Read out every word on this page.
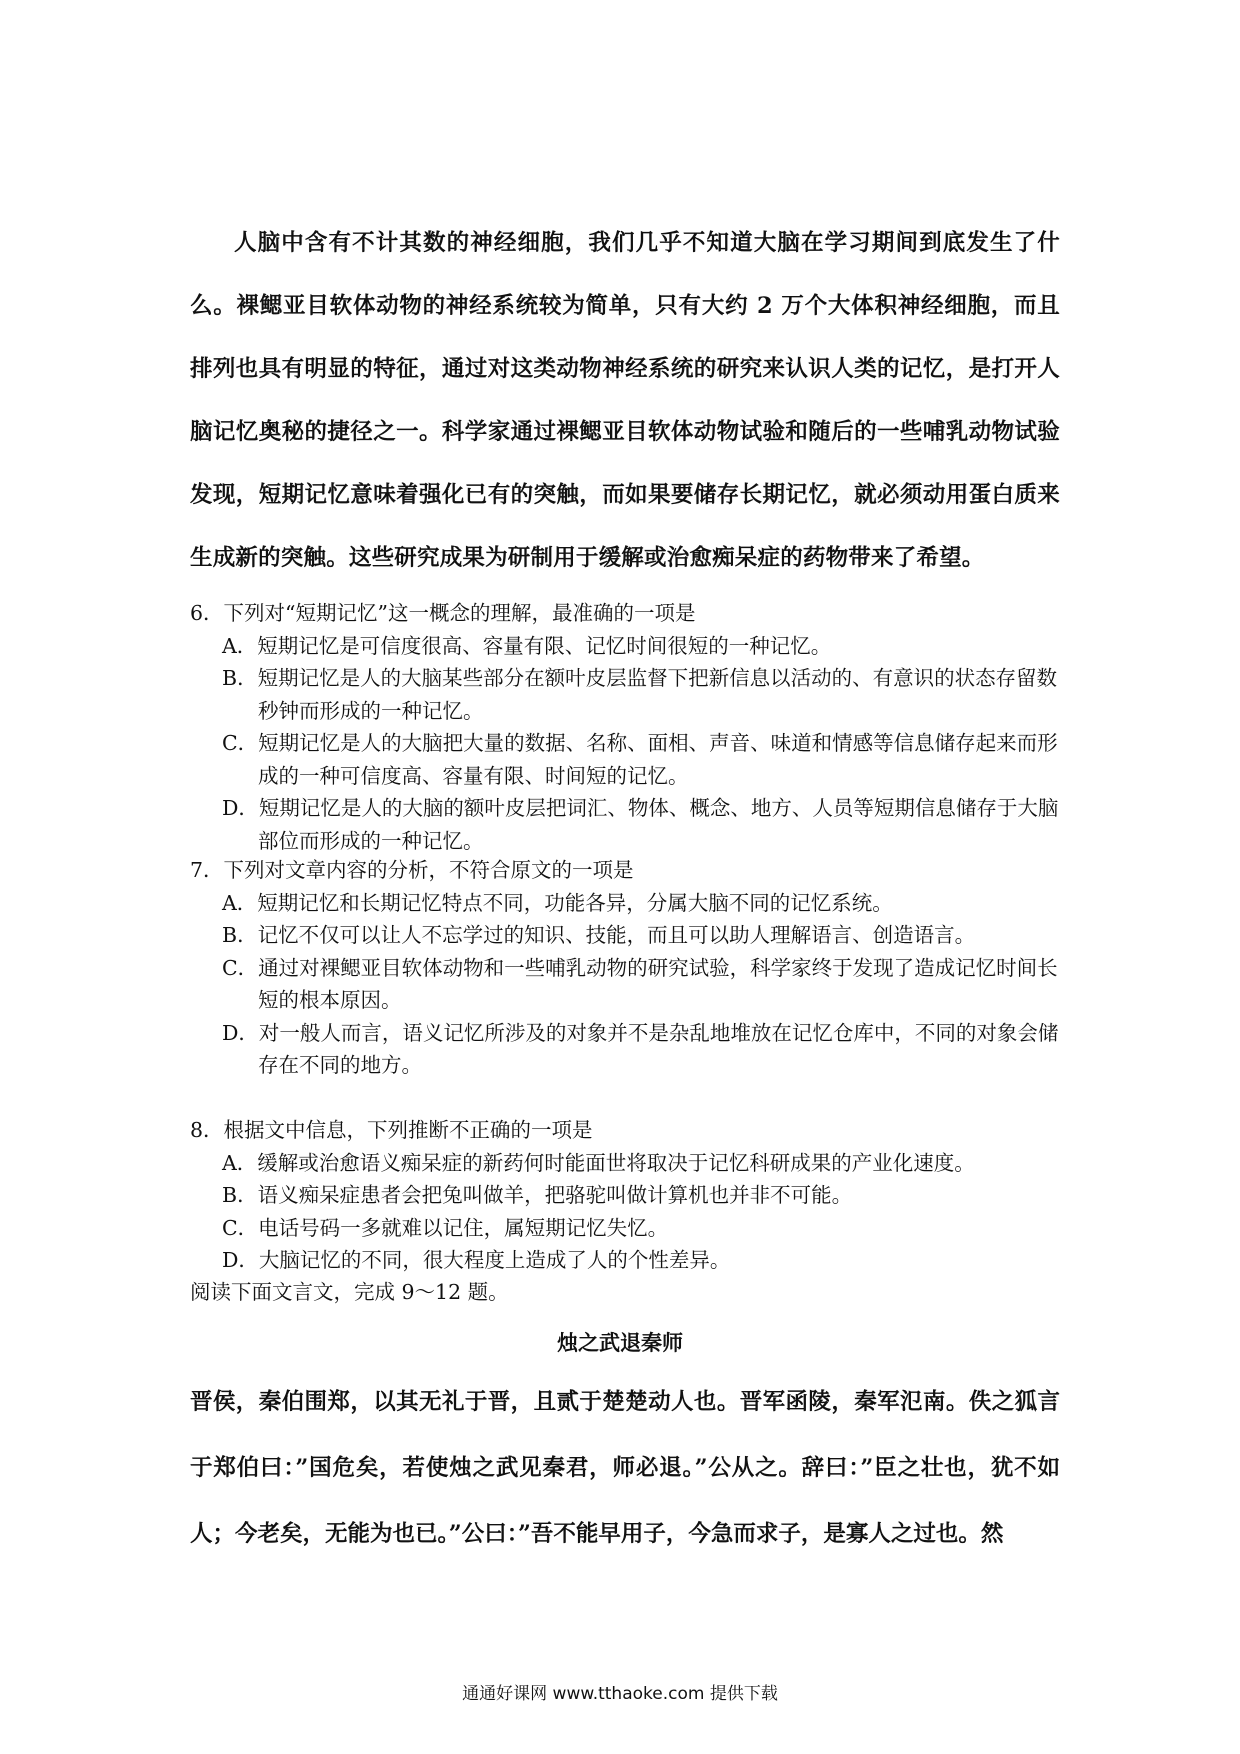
人脑中含有不计其数的神经细胞，我们几乎不知道大脑在学习期间到底发生了什么。裸鳃亚目软体动物的神经系统较为简单，只有大约 2 万个大体积神经细胞，而且排列也具有明显的特征，通过对这类动物神经系统的研究来认识人类的记忆，是打开人脑记忆奥秘的捷径之一。科学家通过裸鳃亚目软体动物试验和随后的一些哺乳动物试验发现，短期记忆意味着强化已有的突触，而如果要储存长期记忆，就必须动用蛋白质来生成新的突触。这些研究成果为研制用于缓解或治愈痴呆症的药物带来了希望。
6．下列对“短期记忆”这一概念的理解，最准确的一项是
A．短期记忆是可信度很高、容量有限、记忆时间很短的一种记忆。
B．短期记忆是人的大脑某些部分在额叶皮层监督下把新信息以活动的、有意识的状态存留数秒钟而形成的一种记忆。
C．短期记忆是人的大脑把大量的数据、名称、面相、声音、味道和情感等信息储存起来而形成的一种可信度高、容量有限、时间短的记忆。
D．短期记忆是人的大脑的额叶皮层把词汇、物体、概念、地方、人员等短期信息储存于大脑部位而形成的一种记忆。
7．下列对文章内容的分析，不符合原文的一项是
A．短期记忆和长期记忆特点不同，功能各异，分属大脑不同的记忆系统。
B．记忆不仅可以让人不忘学过的知识、技能，而且可以助人理解语言、创造语言。
C．通过对裸鳃亚目软体动物和一些哺乳动物的研究试验，科学家终于发现了造成记忆时间长短的根本原因。
D．对一般人而言，语义记忆所涉及的对象并不是杂乱地堆放在记忆仓库中，不同的对象会储存在不同的地方。
8．根据文中信息，下列推断不正确的一项是
A．缓解或治愈语义痴呆症的新药何时能面世将取决于记忆科研成果的产业化速度。
B．语义痴呆症患者会把兔叫做羊，把骆驼叫做计算机也并非不可能。
C．电话号码一多就难以记住，属短期记忆失忆。
D．大脑记忆的不同，很大程度上造成了人的个性差异。
阅读下面文言文，完成 9～12 题。
烛之武退秦师
晋侯，秦伯围郑，以其无礼于晋，且贰于楚楚动人也。晋军函陵，秦军氾南。佚之狐言于郑伯曰：”国危矣，若使烛之武见秦君，师必退。”公从之。辞曰：”臣之壮也，犹不如人；今老矣，无能为也已。”公曰：”吾不能早用子，今急而求子，是寡人之过也。然
通通好课网 www.tthaoke.com 提供下载
